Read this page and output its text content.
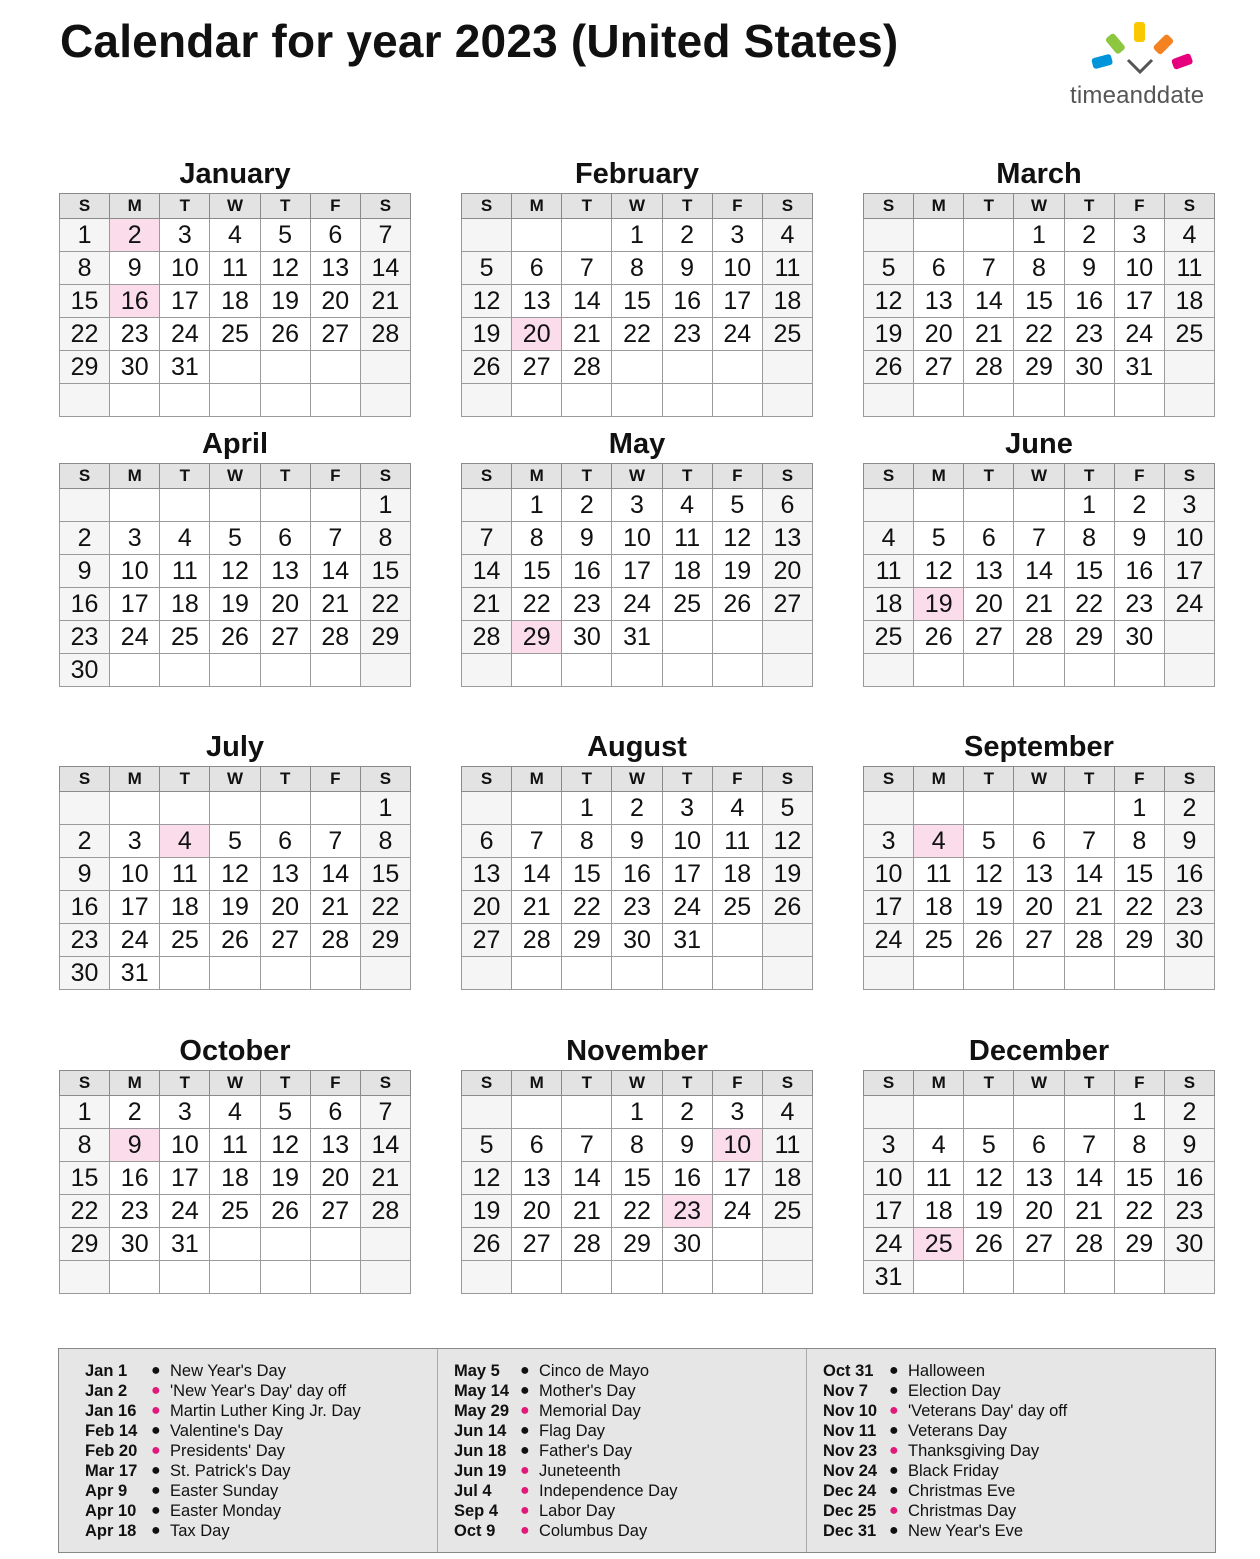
Calendar for year 2023 (United States)
timeanddate
January
S	M	T	W	T	F	S
1	2	3	4	5	6	7
8	9	10	11	12	13	14
15	16	17	18	19	20	21
22	23	24	25	26	27	28
29	30	31				

February
S	M	T	W	T	F	S
			1	2	3	4
5	6	7	8	9	10	11
12	13	14	15	16	17	18
19	20	21	22	23	24	25
26	27	28				

March
S	M	T	W	T	F	S
			1	2	3	4
5	6	7	8	9	10	11
12	13	14	15	16	17	18
19	20	21	22	23	24	25
26	27	28	29	30	31	

April
S	M	T	W	T	F	S
						1
2	3	4	5	6	7	8
9	10	11	12	13	14	15
16	17	18	19	20	21	22
23	24	25	26	27	28	29
30						
May
S	M	T	W	T	F	S
	1	2	3	4	5	6
7	8	9	10	11	12	13
14	15	16	17	18	19	20
21	22	23	24	25	26	27
28	29	30	31			

June
S	M	T	W	T	F	S
				1	2	3
4	5	6	7	8	9	10
11	12	13	14	15	16	17
18	19	20	21	22	23	24
25	26	27	28	29	30	

July
S	M	T	W	T	F	S
						1
2	3	4	5	6	7	8
9	10	11	12	13	14	15
16	17	18	19	20	21	22
23	24	25	26	27	28	29
30	31					
August
S	M	T	W	T	F	S
		1	2	3	4	5
6	7	8	9	10	11	12
13	14	15	16	17	18	19
20	21	22	23	24	25	26
27	28	29	30	31		

September
S	M	T	W	T	F	S
					1	2
3	4	5	6	7	8	9
10	11	12	13	14	15	16
17	18	19	20	21	22	23
24	25	26	27	28	29	30

October
S	M	T	W	T	F	S
1	2	3	4	5	6	7
8	9	10	11	12	13	14
15	16	17	18	19	20	21
22	23	24	25	26	27	28
29	30	31				

November
S	M	T	W	T	F	S
			1	2	3	4
5	6	7	8	9	10	11
12	13	14	15	16	17	18
19	20	21	22	23	24	25
26	27	28	29	30		

December
S	M	T	W	T	F	S
					1	2
3	4	5	6	7	8	9
10	11	12	13	14	15	16
17	18	19	20	21	22	23
24	25	26	27	28	29	30
31						
Jan 1 ● New Year's Day
Jan 2 ● 'New Year's Day' day off
Jan 16 ● Martin Luther King Jr. Day
Feb 14 ● Valentine's Day
Feb 20 ● Presidents' Day
Mar 17 ● St. Patrick's Day
Apr 9 ● Easter Sunday
Apr 10 ● Easter Monday
Apr 18 ● Tax Day
May 5 ● Cinco de Mayo
May 14 ● Mother's Day
May 29 ● Memorial Day
Jun 14 ● Flag Day
Jun 18 ● Father's Day
Jun 19 ● Juneteenth
Jul 4 ● Independence Day
Sep 4 ● Labor Day
Oct 9 ● Columbus Day
Oct 31 ● Halloween
Nov 7 ● Election Day
Nov 10 ● 'Veterans Day' day off
Nov 11 ● Veterans Day
Nov 23 ● Thanksgiving Day
Nov 24 ● Black Friday
Dec 24 ● Christmas Eve
Dec 25 ● Christmas Day
Dec 31 ● New Year's Eve
